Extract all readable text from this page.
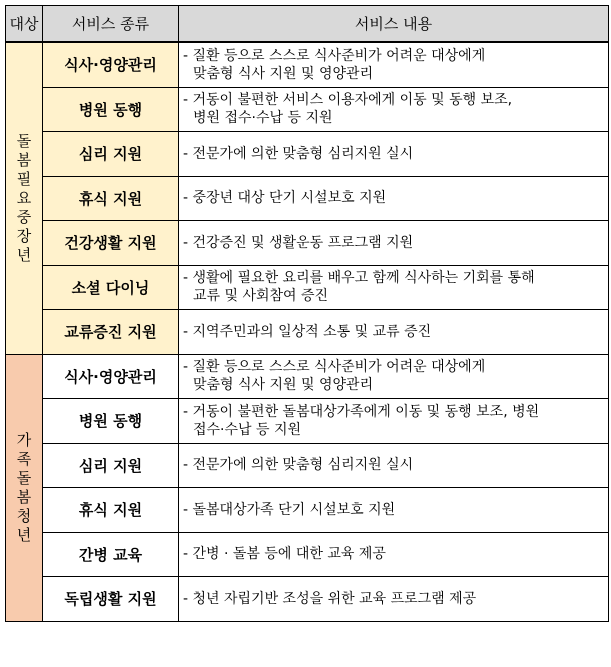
대상	서비스 종류	서비스 내용
돌봄필요중장년	식사·영양관리	- 질환 등으로 스스로 식사준비가 어려운 대상에게
맞춤형 식사 지원 및 영양관리

	병원 동행	- 거동이 불편한 서비스 이용자에게 이동 및 동행 보조,
병원 접수·수납 등 지원

	심리 지원	- 전문가에 의한 맞춤형 심리지원 실시

	휴식 지원	- 중장년 대상 단기 시설보호 지원

	건강생활 지원	- 건강증진 및 생활운동 프로그램 지원

	소셜 다이닝	- 생활에 필요한 요리를 배우고 함께 식사하는 기회를 통해
교류 및 사회참여 증진

	교류증진 지원	- 지역주민과의 일상적 소통 및 교류 증진

가족돌봄청년	식사·영양관리	- 질환 등으로 스스로 식사준비가 어려운 대상에게
맞춤형 식사 지원 및 영양관리

	병원 동행	- 거동이 불편한 돌봄대상가족에게 이동 및 동행 보조, 병원
접수·수납 등 지원

	심리 지원	- 전문가에 의한 맞춤형 심리지원 실시

	휴식 지원	- 돌봄대상가족 단기 시설보호 지원

	간병 교육	- 간병 · 돌봄 등에 대한 교육 제공

	독립생활 지원	- 청년 자립기반 조성을 위한 교육 프로그램 제공
